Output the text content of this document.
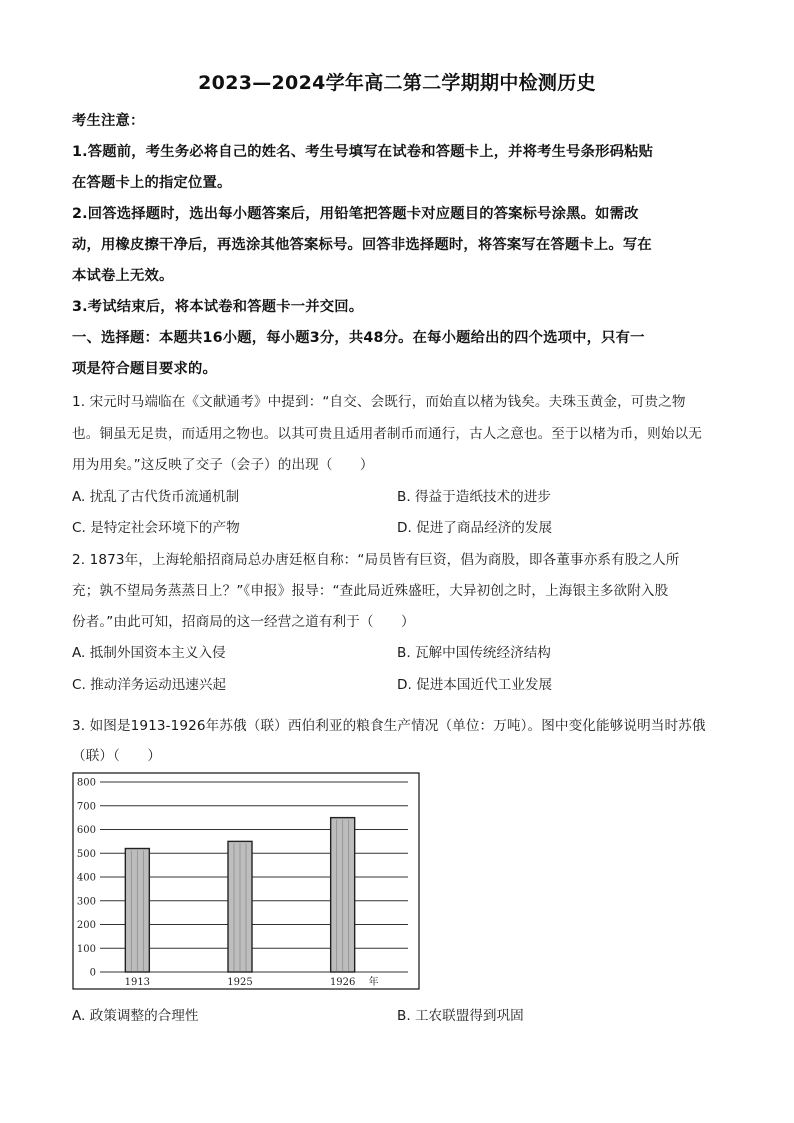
2023—2024学年高二第二学期期中检测历史
考生注意：
1.答题前，考生务必将自己的姓名、考生号填写在试卷和答题卡上，并将考生号条形码粘贴
在答题卡上的指定位置。
2.回答选择题时，选出每小题答案后，用铅笔把答题卡对应题目的答案标号涂黑。如需改
动，用橡皮擦干净后，再选涂其他答案标号。回答非选择题时，将答案写在答题卡上。写在
本试卷上无效。
3.考试结束后，将本试卷和答题卡一并交回。
一、选择题：本题共16小题，每小题3分，共48分。在每小题给出的四个选项中，只有一
项是符合题目要求的。
1. 宋元时马端临在《文献通考》中提到：“自交、会既行，而始直以楮为钱矣。夫珠玉黄金，可贵之物
也。铜虽无足贵，而适用之物也。以其可贵且适用者制币而通行，古人之意也。至于以楮为币，则始以无
用为用矣。”这反映了交子（会子）的出现（　　）
A. 扰乱了古代货币流通机制	B. 得益于造纸技术的进步
C. 是特定社会环境下的产物	D. 促进了商品经济的发展
2. 1873年，上海轮船招商局总办唐廷枢自称：“局员皆有巨资，倡为商股，即各董事亦系有股之人所
充；孰不望局务蒸蒸日上？”《申报》报导：“查此局近殊盛旺，大异初创之时，上海银主多欲附入股
份者。”由此可知，招商局的这一经营之道有利于（　　）
A. 抵制外国资本主义入侵	B. 瓦解中国传统经济结构
C. 推动洋务运动迅速兴起	D. 促进本国近代工业发展
3. 如图是1913-1926年苏俄（联）西伯利亚的粮食生产情况（单位：万吨）。图中变化能够说明当时苏俄
（联）（　　）
800
700
600
500
400
300
200
100
0
1913	1925	1926 年
A. 政策调整的合理性	B. 工农联盟得到巩固
